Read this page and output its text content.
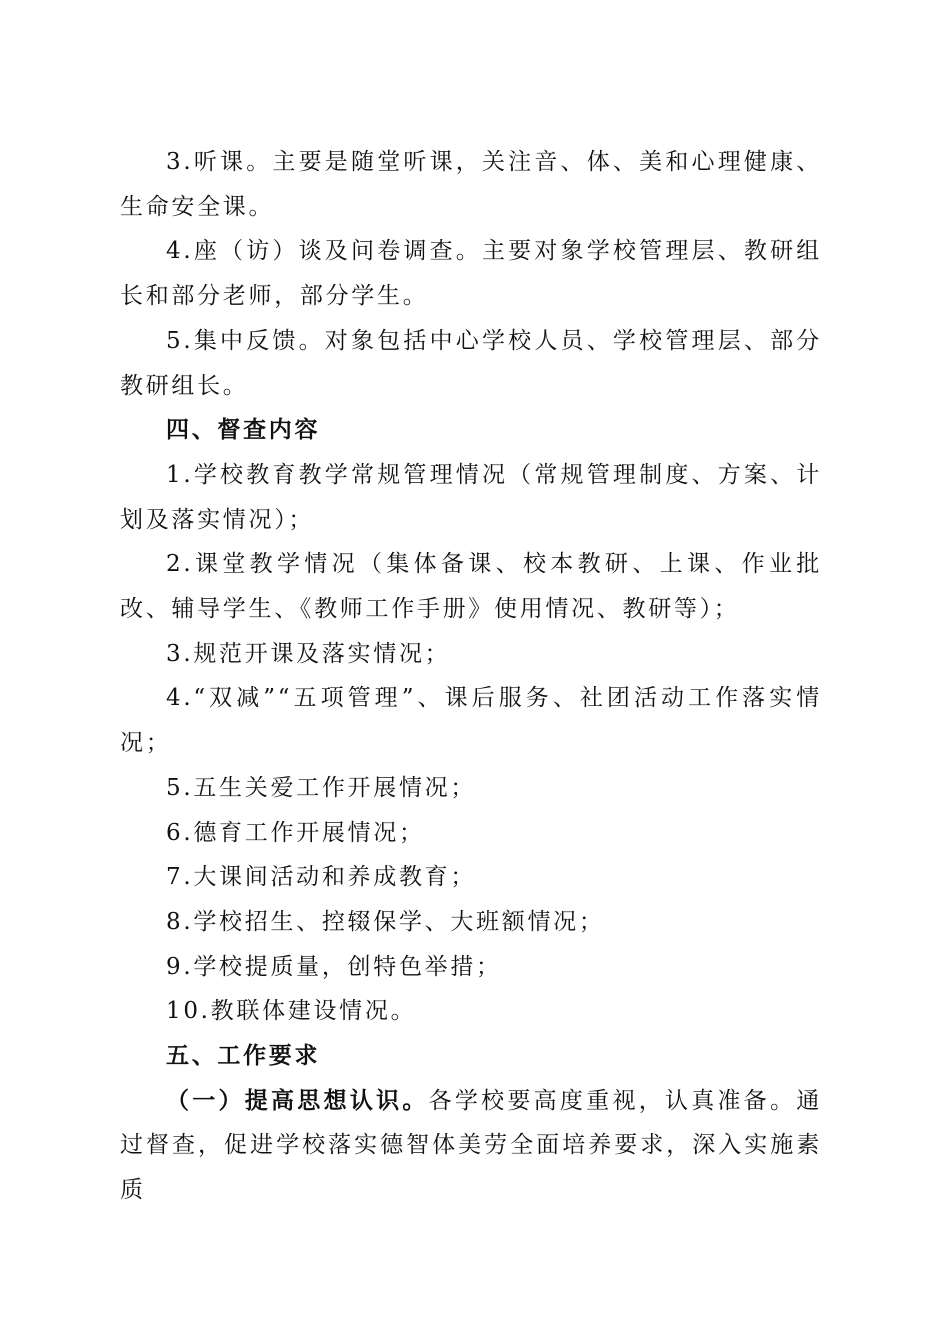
3.听课。主要是随堂听课，关注音、体、美和心理健康、生命安全课。

4.座（访）谈及问卷调查。主要对象学校管理层、教研组长和部分老师，部分学生。

5.集中反馈。对象包括中心学校人员、学校管理层、部分教研组长。

四、督查内容

1.学校教育教学常规管理情况（常规管理制度、方案、计划及落实情况）；

2.课堂教学情况（集体备课、校本教研、上课、作业批改、辅导学生、《教师工作手册》使用情况、教研等）；

3.规范开课及落实情况；

4.“双减”“五项管理”、课后服务、社团活动工作落实情况；

5.五生关爱工作开展情况；

6.德育工作开展情况；

7.大课间活动和养成教育；

8.学校招生、控辍保学、大班额情况；

9.学校提质量，创特色举措；

10.教联体建设情况。

五、工作要求

（一）提高思想认识。各学校要高度重视，认真准备。通过督查，促进学校落实德智体美劳全面培养要求，深入实施素质
